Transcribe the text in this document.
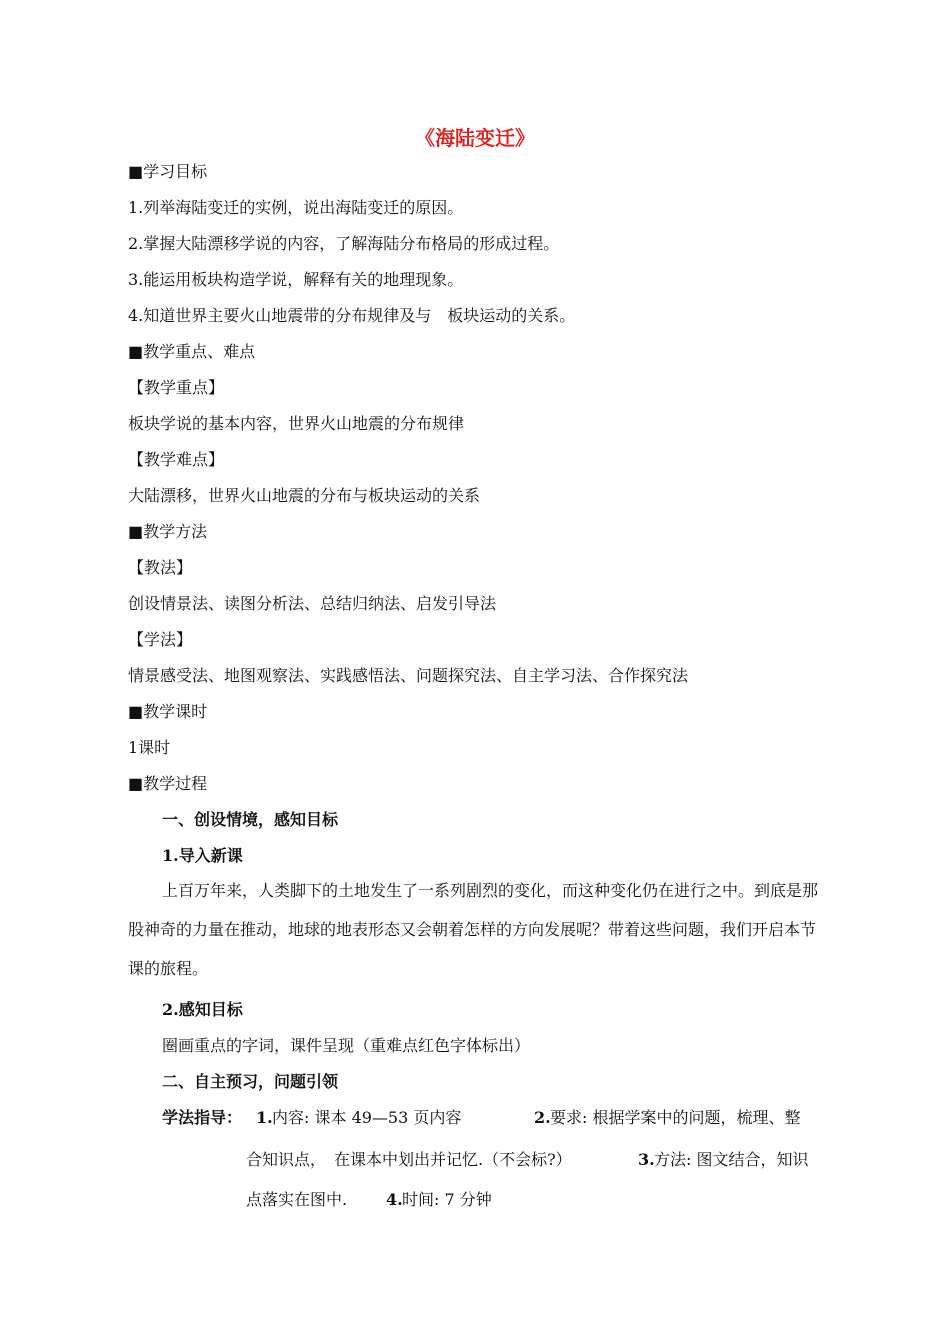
《海陆变迁》
■学习目标
1.列举海陆变迁的实例，说出海陆变迁的原因。
2.掌握大陆漂移学说的内容，了解海陆分布格局的形成过程。
3.能运用板块构造学说，解释有关的地理现象。
4.知道世界主要火山地震带的分布规律及与　板块运动的关系。
■教学重点、难点
【教学重点】
板块学说的基本内容，世界火山地震的分布规律
【教学难点】
大陆漂移，世界火山地震的分布与板块运动的关系
■教学方法
【教法】
创设情景法、读图分析法、总结归纳法、启发引导法
【学法】
情景感受法、地图观察法、实践感悟法、问题探究法、自主学习法、合作探究法
■教学课时
1课时
■教学过程
一、创设情境，感知目标
1.导入新课
上百万年来，人类脚下的土地发生了一系列剧烈的变化，而这种变化仍在进行之中。到底是那股神奇的力量在推动，地球的地表形态又会朝着怎样的方向发展呢？带着这些问题，我们开启本节课的旅程。
2.感知目标
圈画重点的字词，课件呈现（重难点红色字体标出）
二、自主预习，问题引领
学法指导： 1. 内容: 课本 49—53 页内容	2. 要求: 根据学案中的问题，梳理、整
合知识点，　在课本中划出并记忆.（不会标?）	3. 方法: 图文结合，知识
点落实在图中. 4. 时间: 7 分钟
